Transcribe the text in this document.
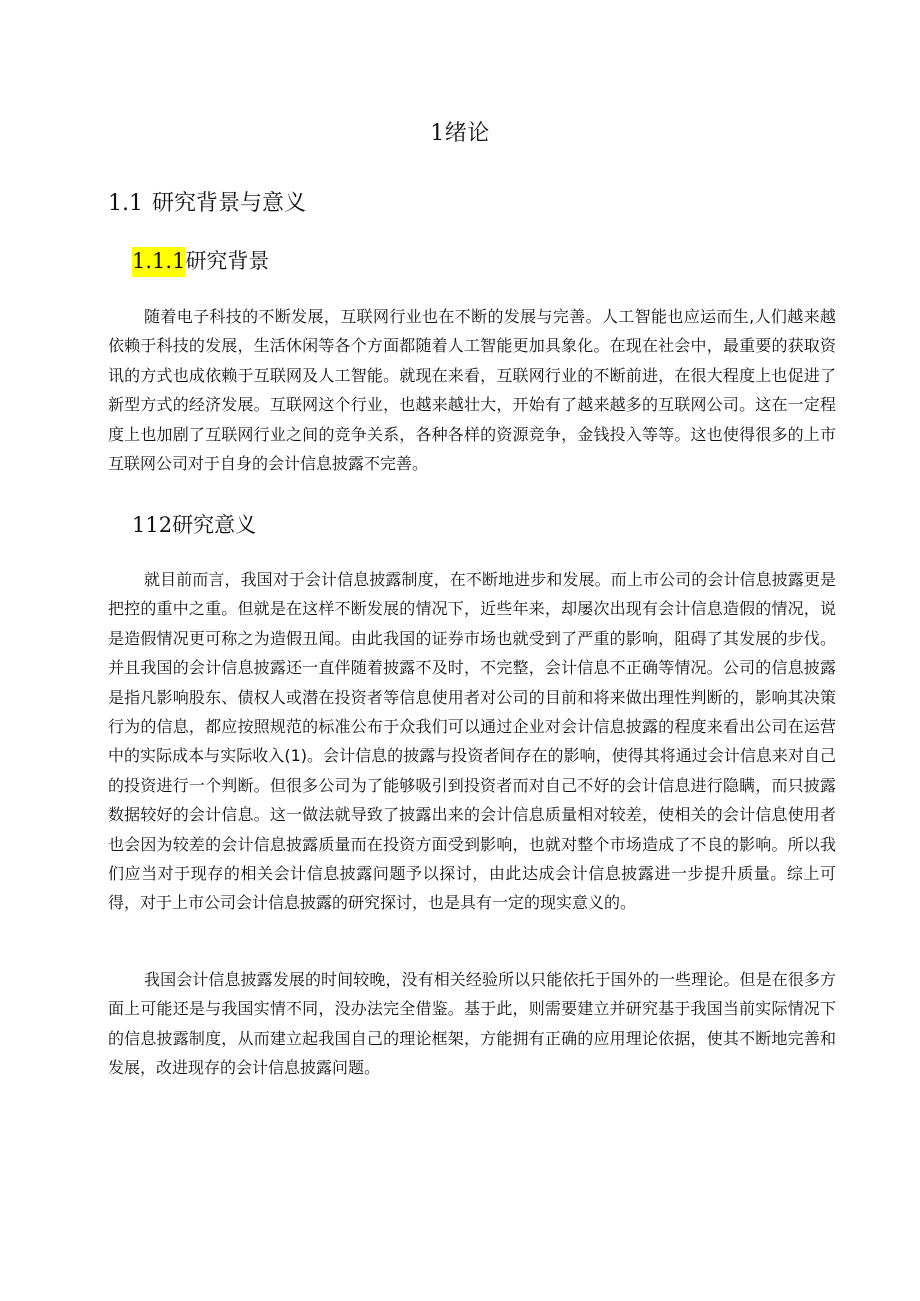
1绪论
1.1 研究背景与意义
1.1.1研究背景

随着电子科技的不断发展，互联网行业也在不断的发展与完善。人工智能也应运而生,人们越来越依赖于科技的发展，生活休闲等各个方面都随着人工智能更加具象化。在现在社会中，最重要的获取资讯的方式也成依赖于互联网及人工智能。就现在来看，互联网行业的不断前进，在很大程度上也促进了新型方式的经济发展。互联网这个行业，也越来越壮大，开始有了越来越多的互联网公司。这在一定程度上也加剧了互联网行业之间的竞争关系，各种各样的资源竞争，金钱投入等等。这也使得很多的上市互联网公司对于自身的会计信息披露不完善。

112研究意义

就目前而言，我国对于会计信息披露制度，在不断地进步和发展。而上市公司的会计信息披露更是把控的重中之重。但就是在这样不断发展的情况下，近些年来，却屡次出现有会计信息造假的情况，说是造假情况更可称之为造假丑闻。由此我国的证券市场也就受到了严重的影响，阻碍了其发展的步伐。并且我国的会计信息披露还一直伴随着披露不及时，不完整，会计信息不正确等情况。公司的信息披露是指凡影响股东、债权人或潜在投资者等信息使用者对公司的目前和将来做出理性判断的，影响其决策行为的信息，都应按照规范的标准公布于众我们可以通过企业对会计信息披露的程度来看出公司在运营中的实际成本与实际收入(1)。会计信息的披露与投资者间存在的影响，使得其将通过会计信息来对自己的投资进行一个判断。但很多公司为了能够吸引到投资者而对自己不好的会计信息进行隐瞒，而只披露数据较好的会计信息。这一做法就导致了披露出来的会计信息质量相对较差，使相关的会计信息使用者也会因为较差的会计信息披露质量而在投资方面受到影响，也就对整个市场造成了不良的影响。所以我们应当对于现存的相关会计信息披露问题予以探讨，由此达成会计信息披露进一步提升质量。综上可得，对于上市公司会计信息披露的研究探讨，也是具有一定的现实意义的。

我国会计信息披露发展的时间较晚，没有相关经验所以只能依托于国外的一些理论。但是在很多方面上可能还是与我国实情不同，没办法完全借鉴。基于此，则需要建立并研究基于我国当前实际情况下的信息披露制度，从而建立起我国自己的理论框架，方能拥有正确的应用理论依据，使其不断地完善和发展，改进现存的会计信息披露问题。
